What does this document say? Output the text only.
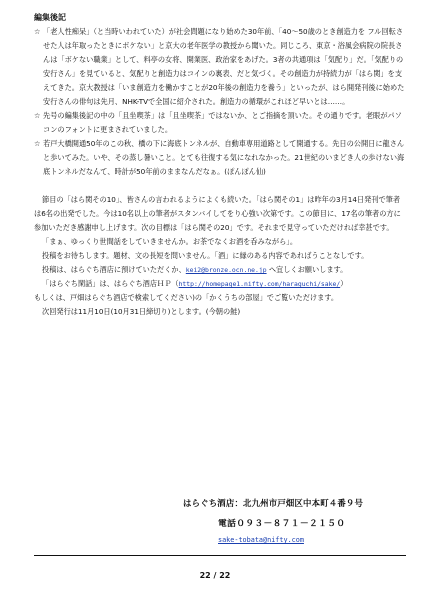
編集後記
☆ 「老人性痴呆」（と当時いわれていた）が社会問題になり始めた30年前、「40〜50歳のとき創造力を フル回転させた人は年取ったときにボケない」と京大の老年医学の教授から聞いた。同じころ、東京・浴風会病院の院長さんは「ボケない職業」として、料亭の女将、開業医、政治家をあげた。3者の共通項は「気配り」だ。「気配りの安行さん」を見ていると、気配りと創造力はコインの裏表、だと気づく。その創造力が持続力が「はら関」を支えてきた。京大教授は「いま創造力を働かすことが20年後の創造力を養う」といったが、はら開発刊後に始めた安行さんの俳句は先月、NHK-TVで全国に紹介された。創造力の循環がこれほど早いとは……。
☆ 先号の編集後記の中の「且坐喫茶」は「且坐喫茶」ではないか、とご指摘を頂いた。その通りです。老眼がパソコンのフォントに更まされていました。
☆ 若戸大橋開通50年のこの秋、橋の下に海底トンネルが、自動車専用道路として開通する。先日の公開日に龍さんと歩いてみた。いや、その蒸し暑いこと。とても往復する気になれなかった。21世紀のいまどき人の歩けない海底トンネルだなんて、時計が50年前のままなんだなぁ。(ぽんぽん仙)

節目の「はら関その10」、皆さんの言われるようによくも続いた。「はら関その1」は昨年の3月14日発刊で筆者は6名の出発でした。今は10名以上の筆者がスタンバイしてをり心強い次第です。この節目に、17名の筆者の方に参加いただき感謝申し上げます。次の目標は「はら関その20」です。それまで見守っていただければ幸甚です。

「まぁ、ゆっくり世間話をしていきませんか。お茶でなくお酒を呑みながら」。

投稿をお待ちします。題材、文の長短を問いません。「酒」に縁のある内容であればうことなしです。

投稿は、はらぐち酒店に預けていただくか、kei2@bronze.ocn.ne.jp へ宜しくお願いします。

「はらぐち閑話」は、はらぐち酒店ＨＰ（http://homepage1.nifty.com/haraguchi/sake/）

もしくは、戸畑はらぐち酒店で検索してください)の「かくうちの部屋」でご覧いただけます。

次回発行は11月10日(10月31日締切り)とします。(今朝の鮭)

はらぐち酒店：北九州市戸畑区中本町４番９号
電話０９３－８７１－２１５０
sake-tobata@nifty.com
22 / 22
